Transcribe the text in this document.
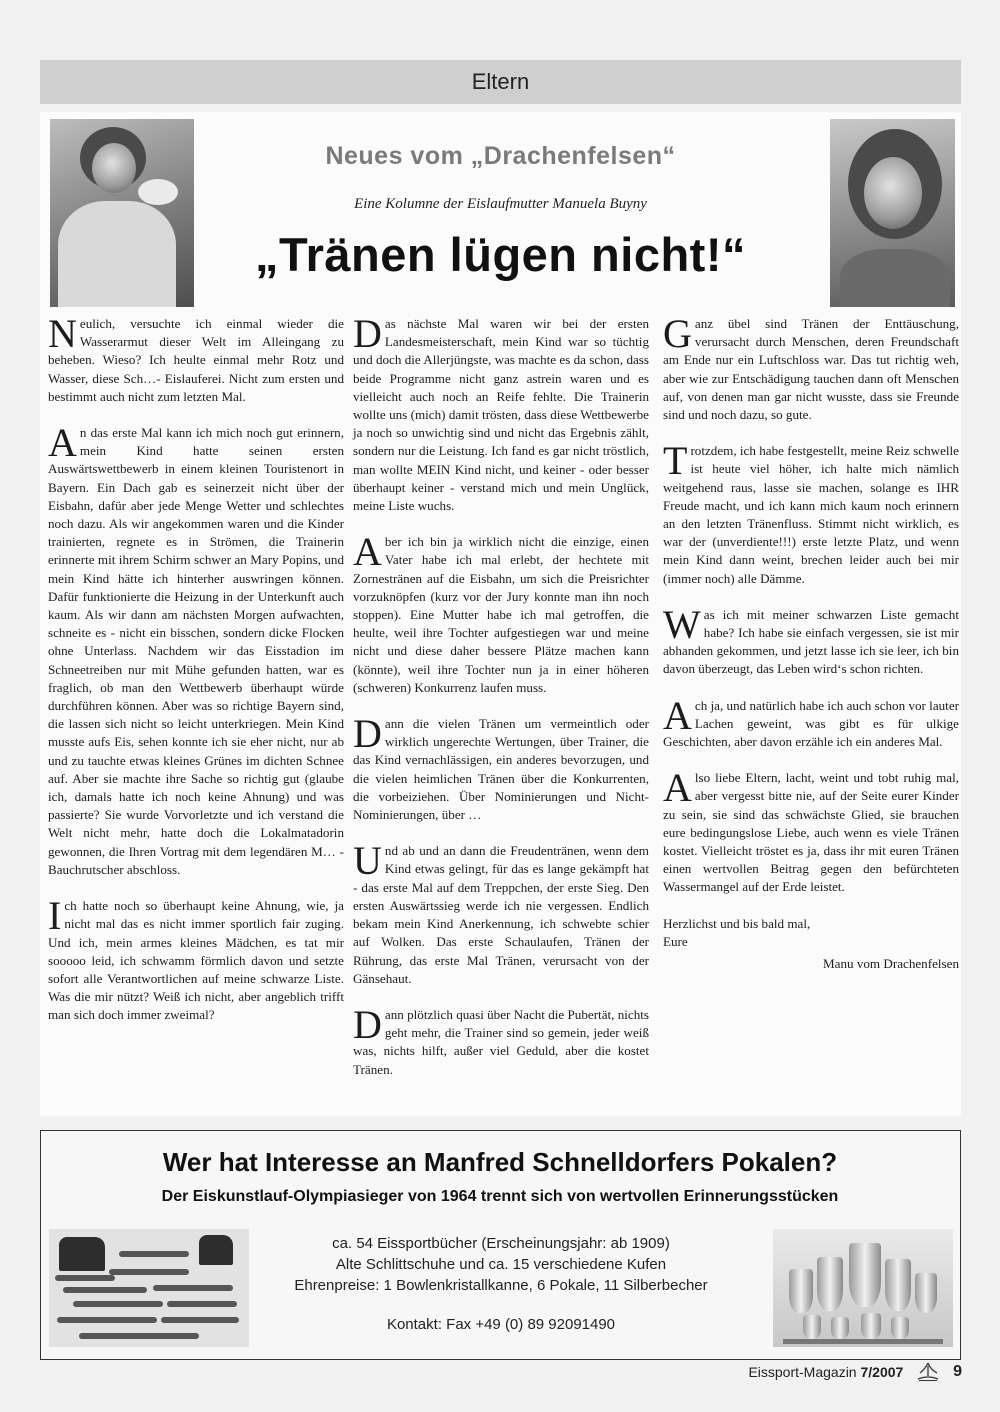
Eltern
Neues vom „Drachenfelsen“
Eine Kolumne der Eislaufmutter Manuela Buyny
„Tränen lügen nicht!“

Neulich, versuchte ich einmal wieder die Wasserarmut dieser Welt im Alleingang zu beheben. Wieso? Ich heulte einmal mehr Rotz und Wasser, diese Sch…- Eislauferei. Nicht zum ersten und bestimmt auch nicht zum letzten Mal.

An das erste Mal kann ich mich noch gut erinnern, mein Kind hatte seinen ersten Auswärtswettbewerb in einem kleinen Touristenort in Bayern. Ein Dach gab es seinerzeit nicht über der Eisbahn, dafür aber jede Menge Wetter und schlechtes noch dazu. Als wir angekommen waren und die Kinder trainierten, regnete es in Strömen, die Trainerin erinnerte mit ihrem Schirm schwer an Mary Popins, und mein Kind hätte ich hinterher auswringen können. Dafür funktionierte die Heizung in der Unterkunft auch kaum. Als wir dann am nächsten Morgen aufwachten, schneite es - nicht ein bisschen, sondern dicke Flocken ohne Unterlass. Nachdem wir das Eisstadion im Schneetreiben nur mit Mühe gefunden hatten, war es fraglich, ob man den Wettbewerb überhaupt würde durchführen können. Aber was so richtige Bayern sind, die lassen sich nicht so leicht unterkriegen. Mein Kind musste aufs Eis, sehen konnte ich sie eher nicht, nur ab und zu tauchte etwas kleines Grünes im dichten Schnee auf. Aber sie machte ihre Sache so richtig gut (glaube ich, damals hatte ich noch keine Ahnung) und was passierte? Sie wurde Vorvorletzte und ich verstand die Welt nicht mehr, hatte doch die Lokalmatadorin gewonnen, die Ihren Vortrag mit dem legendären M… - Bauchrutscher abschloss.

Ich hatte noch so überhaupt keine Ahnung, wie, ja nicht mal das es nicht immer sportlich fair zuging. Und ich, mein armes kleines Mädchen, es tat mir sooooo leid, ich schwamm förmlich davon und setzte sofort alle Verantwortlichen auf meine schwarze Liste. Was die mir nützt? Weiß ich nicht, aber angeblich trifft man sich doch immer zweimal?

Das nächste Mal waren wir bei der ersten Landesmeisterschaft, mein Kind war so tüchtig und doch die Allerjüngste, was machte es da schon, dass beide Programme nicht ganz astrein waren und es vielleicht auch noch an Reife fehlte. Die Trainerin wollte uns (mich) damit trösten, dass diese Wettbewerbe ja noch so unwichtig sind und nicht das Ergebnis zählt, sondern nur die Leistung. Ich fand es gar nicht tröstlich, man wollte MEIN Kind nicht, und keiner - oder besser überhaupt keiner - verstand mich und mein Unglück, meine Liste wuchs.

Aber ich bin ja wirklich nicht die einzige, einen Vater habe ich mal erlebt, der hechtete mit Zornestränen auf die Eisbahn, um sich die Preisrichter vorzuknöpfen (kurz vor der Jury konnte man ihn noch stoppen). Eine Mutter habe ich mal getroffen, die heulte, weil ihre Tochter aufgestiegen war und meine nicht und diese daher bessere Plätze machen kann (könnte), weil ihre Tochter nun ja in einer höheren (schweren) Konkurrenz laufen muss.

Dann die vielen Tränen um vermeintlich oder wirklich ungerechte Wertungen, über Trainer, die das Kind vernachlässigen, ein anderes bevorzugen, und die vielen heimlichen Tränen über die Konkurrenten, die vorbeiziehen. Über Nominierungen und Nicht-Nominierungen, über …

Und ab und an dann die Freudentränen, wenn dem Kind etwas gelingt, für das es lange gekämpft hat - das erste Mal auf dem Treppchen, der erste Sieg. Den ersten Auswärtssieg werde ich nie vergessen. Endlich bekam mein Kind Anerkennung, ich schwebte schier auf Wolken. Das erste Schaulaufen, Tränen der Rührung, das erste Mal Tränen, verursacht von der Gänsehaut.

Dann plötzlich quasi über Nacht die Pubertät, nichts geht mehr, die Trainer sind so gemein, jeder weiß was, nichts hilft, außer viel Geduld, aber die kostet Tränen.

Ganz übel sind Tränen der Enttäuschung, verursacht durch Menschen, deren Freundschaft am Ende nur ein Luftschloss war. Das tut richtig weh, aber wie zur Entschädigung tauchen dann oft Menschen auf, von denen man gar nicht wusste, dass sie Freunde sind und noch dazu, so gute.

Trotzdem, ich habe festgestellt, meine Reiz schwelle ist heute viel höher, ich halte mich nämlich weitgehend raus, lasse sie machen, solange es IHR Freude macht, und ich kann mich kaum noch erinnern an den letzten Tränenfluss. Stimmt nicht wirklich, es war der (unverdiente!!!) erste letzte Platz, und wenn mein Kind dann weint, brechen leider auch bei mir (immer noch) alle Dämme.

Was ich mit meiner schwarzen Liste gemacht habe? Ich habe sie einfach vergessen, sie ist mir abhanden gekommen, und jetzt lasse ich sie leer, ich bin davon überzeugt, das Leben wird‘s schon richten.

Ach ja, und natürlich habe ich auch schon vor lauter Lachen geweint, was gibt es für ulkige Geschichten, aber davon erzähle ich ein anderes Mal.

Also liebe Eltern, lacht, weint und tobt ruhig mal, aber vergesst bitte nie, auf der Seite eurer Kinder zu sein, sie sind das schwächste Glied, sie brauchen eure bedingungslose Liebe, auch wenn es viele Tränen kostet. Vielleicht tröstet es ja, dass ihr mit euren Tränen einen wertvollen Beitrag gegen den befürchteten Wassermangel auf der Erde leistet.

Herzlichst und bis bald mal,

Eure

Manu vom Drachenfelsen

Wer hat Interesse an Manfred Schnelldorfers Pokalen?
Der Eiskunstlauf-Olympiasieger von 1964 trennt sich von wertvollen Erinnerungsstücken
ca. 54 Eissportbücher (Erscheinungsjahr: ab 1909)
Alte Schlittschuhe und ca. 15 verschiedene Kufen
Ehrenpreise: 1 Bowlenkristallkanne, 6 Pokale, 11 Silberbecher
Kontakt: Fax +49 (0) 89 92091490
Eissport-Magazin 7/2007	9
